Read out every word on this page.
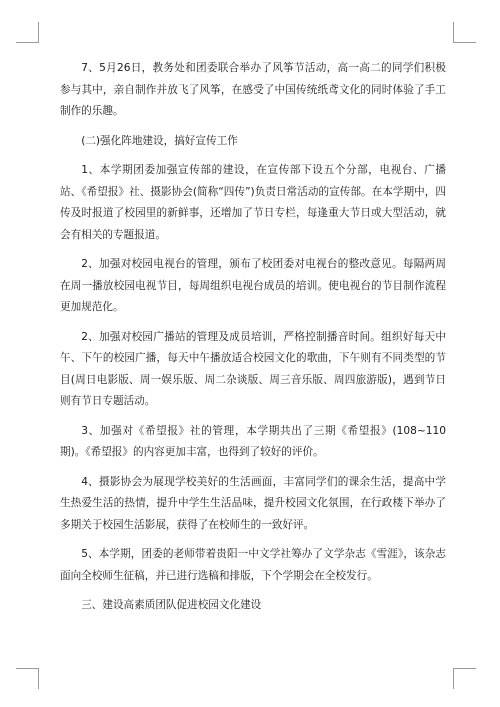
7、5月26日，教务处和团委联合举办了风筝节活动，高一高二的同学们积极参与其中，亲自制作并放飞了风筝，在感受了中国传统纸鸢文化的同时体验了手工制作的乐趣。

(二)强化阵地建设，搞好宣传工作

1、本学期团委加强宣传部的建设，在宣传部下设五个分部，电视台、广播站、《希望报》社、摄影协会(简称“四传”)负责日常活动的宣传部。在本学期中，四传及时报道了校园里的新鲜事，还增加了节日专栏，每逢重大节日或大型活动，就会有相关的专题报道。

2、加强对校园电视台的管理，颁布了校团委对电视台的整改意见。每隔两周在周一播放校园电视节目，每周组织电视台成员的培训。使电视台的节目制作流程更加规范化。

2、加强对校园广播站的管理及成员培训，严格控制播音时间。组织好每天中午、下午的校园广播，每天中午播放适合校园文化的歌曲，下午则有不同类型的节目(周日电影版、周一娱乐版、周二杂谈版、周三音乐版、周四旅游版)，遇到节日则有节日专题活动。

3、加强对《希望报》社的管理，本学期共出了三期《希望报》(108~110期)。《希望报》的内容更加丰富，也得到了较好的评价。

4、摄影协会为展现学校美好的生活画面，丰富同学们的课余生活，提高中学生热爱生活的热情，提升中学生生活品味，提升校园文化氛围，在行政楼下举办了多期关于校园生活影展，获得了在校师生的一致好评。

5、本学期，团委的老师带着贵阳一中文学社筹办了文学杂志《雪涯》，该杂志面向全校师生征稿，并已进行选稿和排版，下个学期会在全校发行。

三、建设高素质团队促进校园文化建设
